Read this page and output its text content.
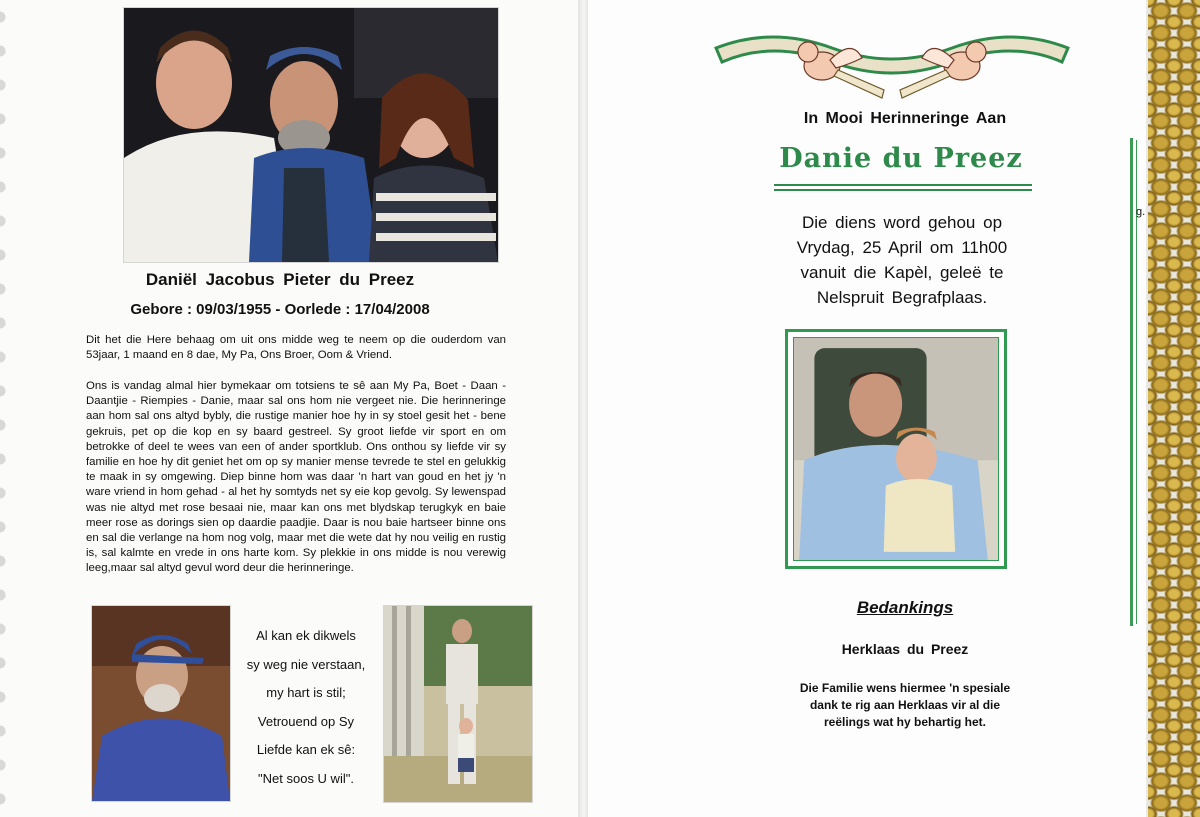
Daniël Jacobus Pieter du Preez
Gebore : 09/03/1955 - Oorlede : 17/04/2008
Dit het die Here behaag om uit ons midde weg te neem op die ouderdom van 53jaar, 1 maand en 8 dae, My Pa, Ons Broer, Oom & Vriend.
Ons is vandag almal hier bymekaar om totsiens te sê aan My Pa, Boet - Daan - Daantjie - Riempies - Danie, maar sal ons hom nie vergeet nie. Die herinneringe aan hom sal ons altyd bybly, die rustige manier hoe hy in sy stoel gesit het - bene gekruis, pet op die kop en sy baard gestreel. Sy groot liefde vir sport en om betrokke of deel te wees van een of ander sportklub. Ons onthou sy liefde vir sy familie en hoe hy dit geniet het om op sy manier mense tevrede te stel en gelukkig te maak in sy omgewing. Diep binne hom was daar 'n hart van goud en het jy 'n ware vriend in hom gehad - al het hy somtyds net sy eie kop gevolg. Sy lewenspad was nie altyd met rose besaai nie, maar kan ons met blydskap terugkyk en baie meer rose as dorings sien op daardie paadjie. Daar is nou baie hartseer binne ons en sal die verlange na hom nog volg, maar met die wete dat hy nou veilig en rustig is, sal kalmte en vrede in ons harte kom. Sy plekkie in ons midde is nou verewig leeg,maar sal altyd gevul word deur die herinneringe.
Al kan ek dikwels
sy weg nie verstaan,
my hart is stil;
Vetrouend op Sy
Liefde kan ek sê:
"Net soos U wil".
In Mooi Herinneringe Aan
Danie du Preez
Die diens word gehou op
Vrydag, 25 April om 11h00
vanuit die Kapèl, geleë te
Nelspruit Begrafplaas.
Bedankings
Herklaas du Preez
Die Familie wens hiermee 'n spesiale
dank te rig aan Herklaas vir al die
reëlings wat hy behartig het.
g.
